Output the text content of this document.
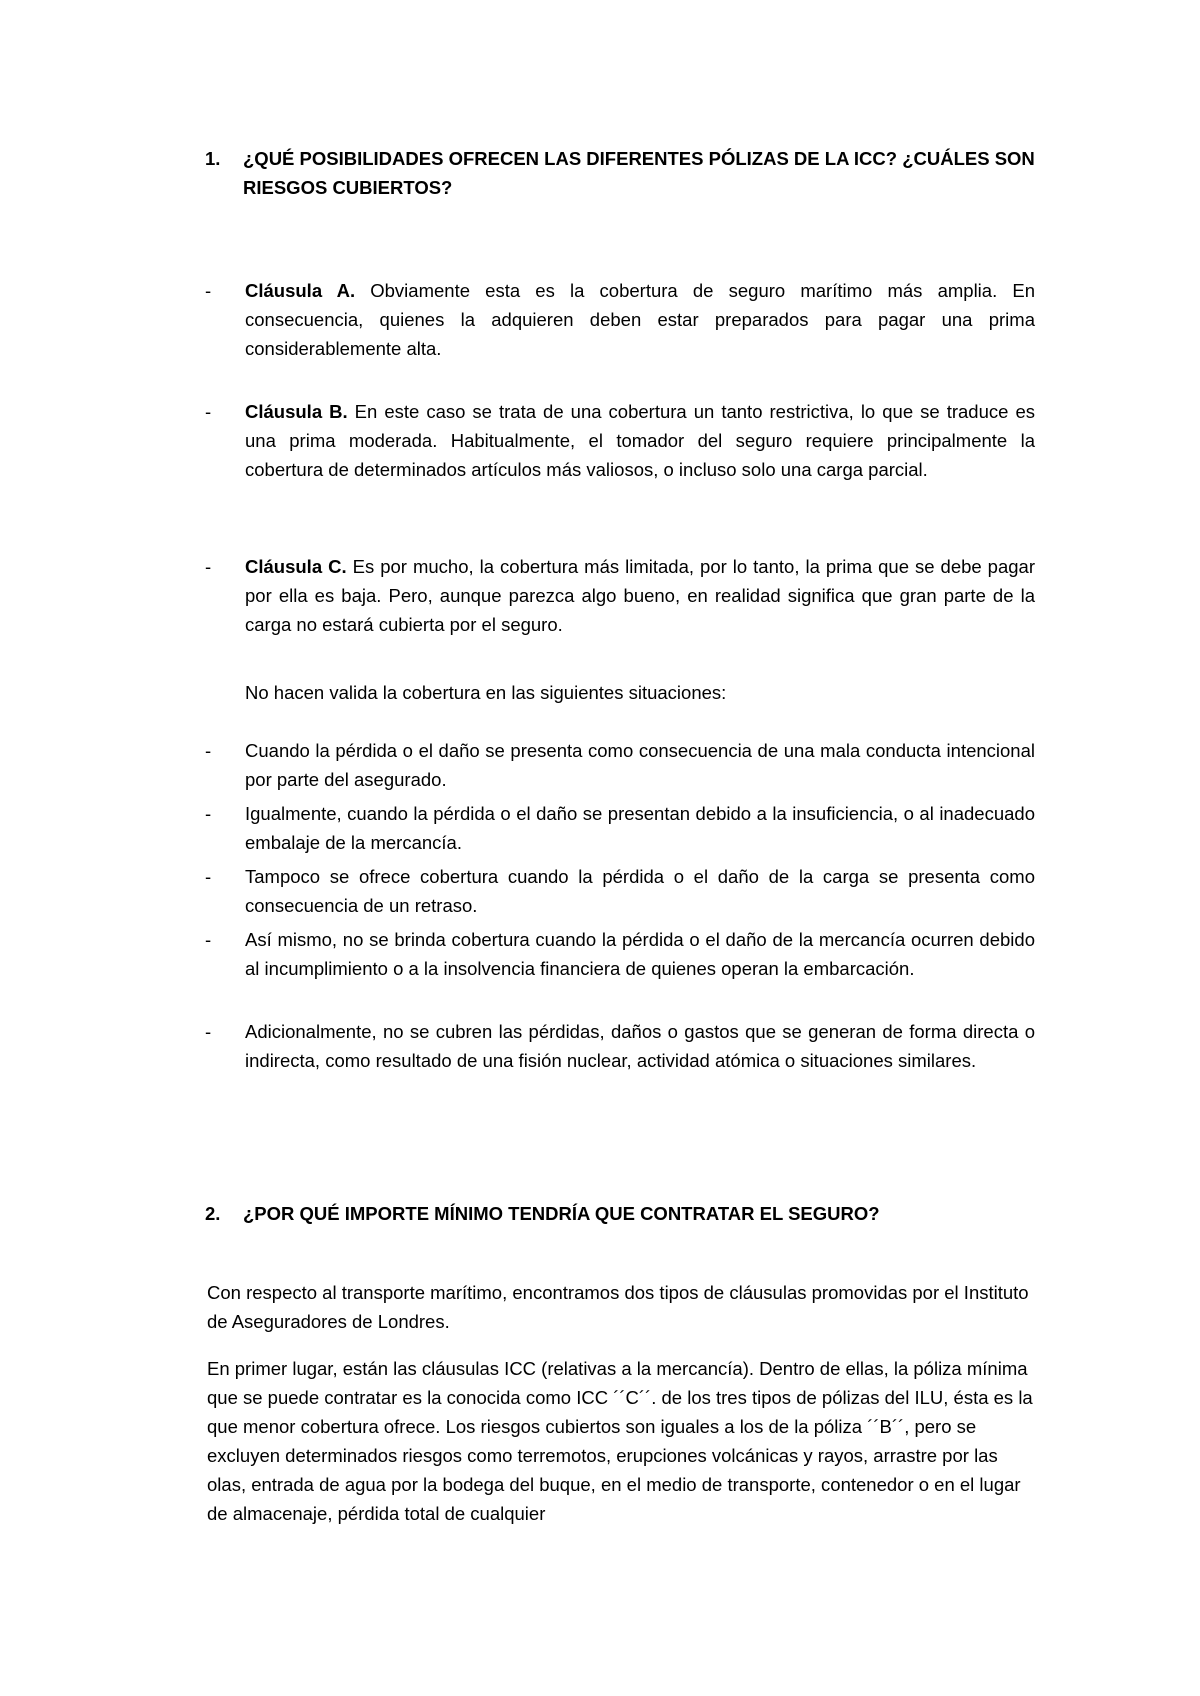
1.	¿QUÉ POSIBILIDADES OFRECEN LAS DIFERENTES PÓLIZAS DE LA ICC? ¿CUÁLES SON RIESGOS CUBIERTOS?
- Cláusula A. Obviamente esta es la cobertura de seguro marítimo más amplia. En consecuencia, quienes la adquieren deben estar preparados para pagar una prima considerablemente alta.
- Cláusula B. En este caso se trata de una cobertura un tanto restrictiva, lo que se traduce es una prima moderada. Habitualmente, el tomador del seguro requiere principalmente la cobertura de determinados artículos más valiosos, o incluso solo una carga parcial.
- Cláusula C. Es por mucho, la cobertura más limitada, por lo tanto, la prima que se debe pagar por ella es baja. Pero, aunque parezca algo bueno, en realidad significa que gran parte de la carga no estará cubierta por el seguro.
No hacen valida la cobertura en las siguientes situaciones:
- Cuando la pérdida o el daño se presenta como consecuencia de una mala conducta intencional por parte del asegurado.
- Igualmente, cuando la pérdida o el daño se presentan debido a la insuficiencia, o al inadecuado embalaje de la mercancía.
- Tampoco se ofrece cobertura cuando la pérdida o el daño de la carga se presenta como consecuencia de un retraso.
- Así mismo, no se brinda cobertura cuando la pérdida o el daño de la mercancía ocurren debido al incumplimiento o a la insolvencia financiera de quienes operan la embarcación.
- Adicionalmente, no se cubren las pérdidas, daños o gastos que se generan de forma directa o indirecta, como resultado de una fisión nuclear, actividad atómica o situaciones similares.
2.	¿POR QUÉ IMPORTE MÍNIMO TENDRÍA QUE CONTRATAR EL SEGURO?
Con respecto al transporte marítimo, encontramos dos tipos de cláusulas promovidas por el Instituto de Aseguradores de Londres.
En primer lugar, están las cláusulas ICC (relativas a la mercancía). Dentro de ellas, la póliza mínima que se puede contratar es la conocida como ICC ´´C´´. de los tres tipos de pólizas del ILU, ésta es la que menor cobertura ofrece. Los riesgos cubiertos son iguales a los de la póliza ´´B´´, pero se excluyen determinados riesgos como terremotos, erupciones volcánicas y rayos, arrastre por las olas, entrada de agua por la bodega del buque, en el medio de transporte, contenedor o en el lugar de almacenaje, pérdida total de cualquier
